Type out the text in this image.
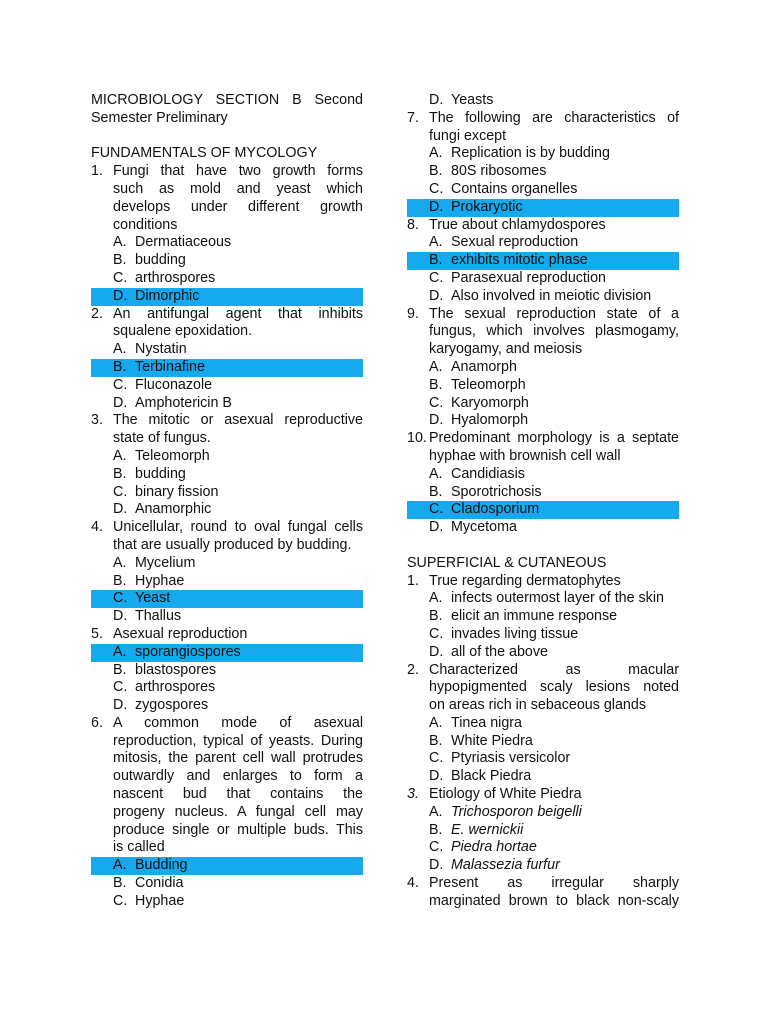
MICROBIOLOGY SECTION B Second
Semester Preliminary
FUNDAMENTALS OF MYCOLOGY
1. Fungi that have two growth forms
such as mold and yeast which
develops under different growth
conditions
A. Dermatiaceous
B. budding
C. arthrospores
D. Dimorphic
2. An antifungal agent that inhibits
squalene epoxidation.
A. Nystatin
B. Terbinafine
C. Fluconazole
D. Amphotericin B
3. The mitotic or asexual reproductive
state of fungus.
A. Teleomorph
B. budding
C. binary fission
D. Anamorphic
4. Unicellular, round to oval fungal cells
that are usually produced by budding.
A. Mycelium
B. Hyphae
C. Yeast
D. Thallus
5. Asexual reproduction
A. sporangiospores
B. blastospores
C. arthrospores
D. zygospores
6. A common mode of asexual
reproduction, typical of yeasts. During
mitosis, the parent cell wall protrudes
outwardly and enlarges to form a
nascent bud that contains the
progeny nucleus. A fungal cell may
produce single or multiple buds. This
is called
A. Budding
B. Conidia
C. Hyphae
D. Yeasts
7. The following are characteristics of
fungi except
A. Replication is by budding
B. 80S ribosomes
C. Contains organelles
D. Prokaryotic
8. True about chlamydospores
A. Sexual reproduction
B. exhibits mitotic phase
C. Parasexual reproduction
D. Also involved in meiotic division
9. The sexual reproduction state of a
fungus, which involves plasmogamy,
karyogamy, and meiosis
A. Anamorph
B. Teleomorph
C. Karyomorph
D. Hyalomorph
10. Predominant morphology is a septate
hyphae with brownish cell wall
A. Candidiasis
B. Sporotrichosis
C. Cladosporium
D. Mycetoma
SUPERFICIAL & CUTANEOUS
1. True regarding dermatophytes
A. infects outermost layer of the skin
B. elicit an immune response
C. invades living tissue
D. all of the above
2. Characterized as macular
hypopigmented scaly lesions noted
on areas rich in sebaceous glands
A. Tinea nigra
B. White Piedra
C. Ptyriasis versicolor
D. Black Piedra
3. Etiology of White Piedra
A. Trichosporon beigelli
B. E. wernickii
C. Piedra hortae
D. Malassezia furfur
4. Present as irregular sharply
marginated brown to black non-scaly
